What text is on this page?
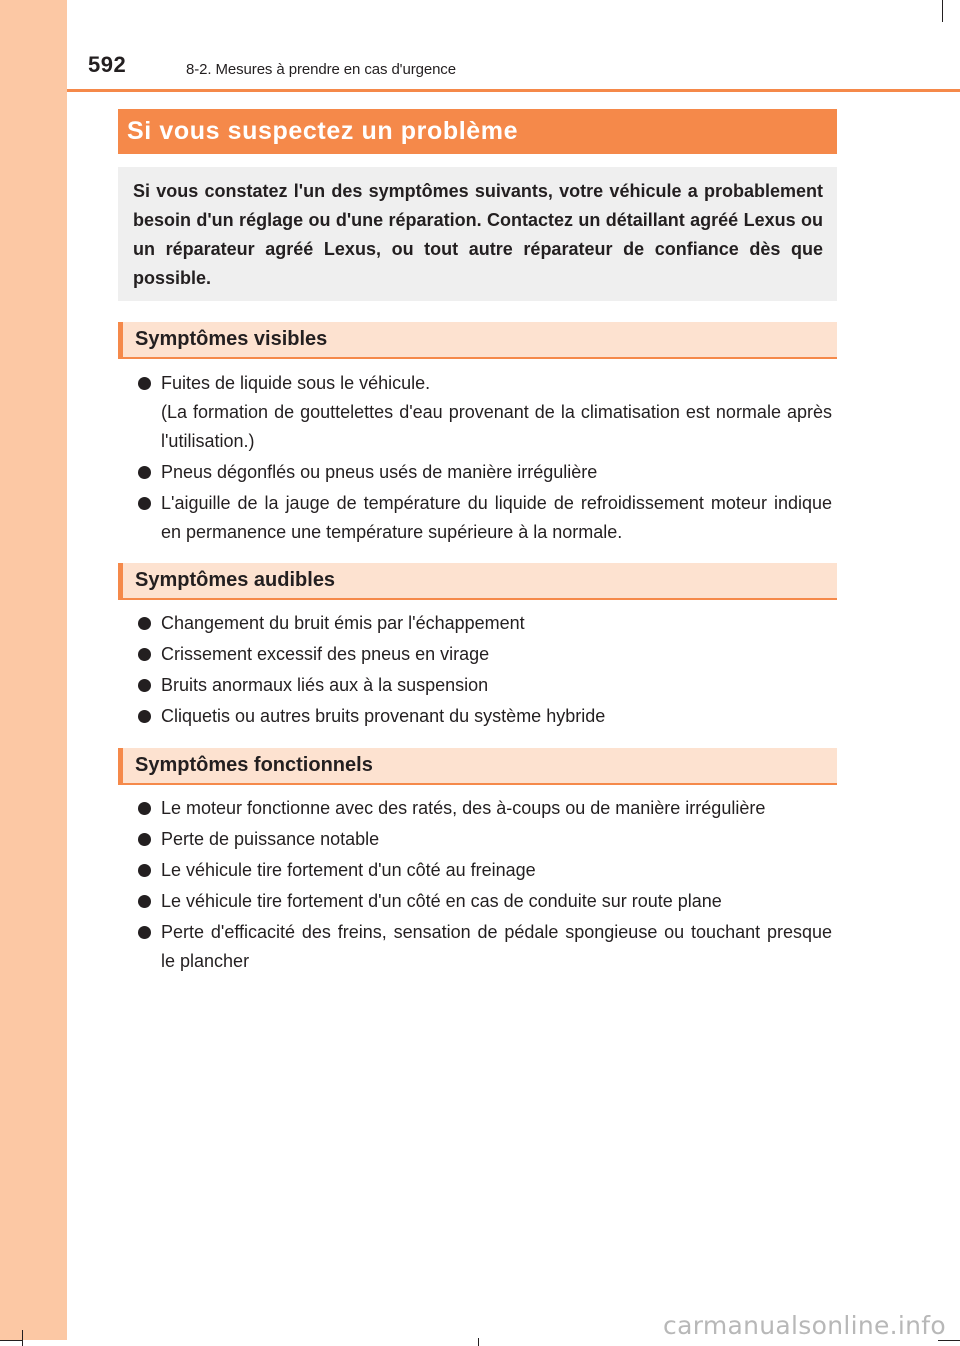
592	8-2. Mesures à prendre en cas d'urgence
Si vous suspectez un problème
Si vous constatez l'un des symptômes suivants, votre véhicule a probablement besoin d'un réglage ou d'une réparation. Contactez un détaillant agréé Lexus ou un réparateur agréé Lexus, ou tout autre réparateur de confiance dès que possible.
Symptômes visibles
Fuites de liquide sous le véhicule.
(La formation de gouttelettes d'eau provenant de la climatisation est normale après l'utilisation.)
Pneus dégonflés ou pneus usés de manière irrégulière
L'aiguille de la jauge de température du liquide de refroidissement moteur indique en permanence une température supérieure à la normale.
Symptômes audibles
Changement du bruit émis par l'échappement
Crissement excessif des pneus en virage
Bruits anormaux liés aux à la suspension
Cliquetis ou autres bruits provenant du système hybride
Symptômes fonctionnels
Le moteur fonctionne avec des ratés, des à-coups ou de manière irrégulière
Perte de puissance notable
Le véhicule tire fortement d'un côté au freinage
Le véhicule tire fortement d'un côté en cas de conduite sur route plane
Perte d'efficacité des freins, sensation de pédale spongieuse ou touchant presque le plancher
carmanualsonline.info
